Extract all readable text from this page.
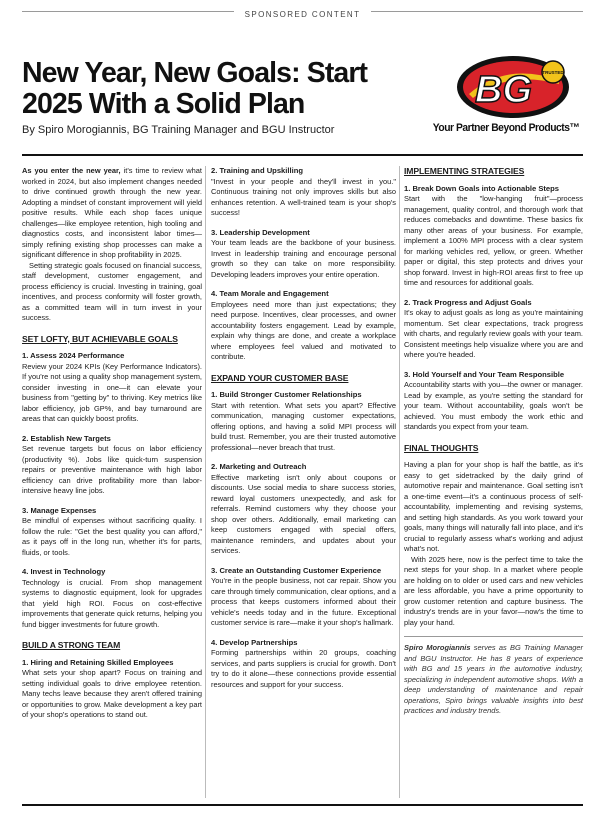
SPONSORED CONTENT
New Year, New Goals: Start 2025 With a Solid Plan
By Spiro Morogiannis, BG Training Manager and BGU Instructor
BG TRUSTED
Your Partner Beyond Products™

As you enter the new year, it's time to review what worked in 2024, but also implement changes needed to drive continued growth through the new year. Adopting a mindset of constant improvement will yield positive results. While each shop faces unique challenges—like employee retention, high tooling and diagnostics costs, and inconsistent labor times—simply refining existing shop processes can make a significant difference in shop profitability in 2025.

Setting strategic goals focused on financial success, staff development, customer engagement, and process efficiency is crucial. Investing in training, goal incentives, and process conformity will foster growth, as a committed team will in turn invest in your success.

SET LOFTY, BUT ACHIEVABLE GOALS
1. Assess 2024 Performance

Review your 2024 KPIs (Key Performance Indicators). If you're not using a quality shop management system, consider investing in one—it can elevate your business from "getting by" to thriving. Key metrics like labor efficiency, job GP%, and bay turnaround are areas that can quickly boost profits.

2. Establish New Targets

Set revenue targets but focus on labor efficiency (productivity %). Jobs like quick-turn suspension repairs or preventive maintenance with high labor efficiency can drive profitability more than labor-intensive heavy line jobs.

3. Manage Expenses

Be mindful of expenses without sacrificing quality. I follow the rule: "Get the best quality you can afford," as it pays off in the long run, whether it's for parts, fluids, or tools.

4. Invest in Technology

Technology is crucial. From shop management systems to diagnostic equipment, look for upgrades that yield high ROI. Focus on cost-effective improvements that generate quick returns, helping you fund bigger investments for future growth.

BUILD A STRONG TEAM
1. Hiring and Retaining Skilled Employees

What sets your shop apart? Focus on training and setting individual goals to drive employee retention. Many techs leave because they aren't offered training or opportunities to grow. Make development a key part of your shop's operations to stand out.

2. Training and Upskilling

"Invest in your people and they'll invest in you." Continuous training not only improves skills but also enhances retention. A well-trained team is your shop's success!

3. Leadership Development

Your team leads are the backbone of your business. Invest in leadership training and encourage personal growth so they can take on more responsibility. Developing leaders improves your entire operation.

4. Team Morale and Engagement

Employees need more than just expectations; they need purpose. Incentives, clear processes, and owner accountability fosters engagement. Lead by example, explain why things are done, and create a workplace where employees feel valued and motivated to contribute.

EXPAND YOUR CUSTOMER BASE
1. Build Stronger Customer Relationships

Start with retention. What sets you apart? Effective communication, managing customer expectations, offering options, and having a solid MPI process will build trust. Remember, you are their trusted automotive professional—never breach that trust.

2. Marketing and Outreach

Effective marketing isn't only about coupons or discounts. Use social media to share success stories, reward loyal customers unexpectedly, and ask for referrals. Remind customers why they choose your shop over others. Additionally, email marketing can keep customers engaged with special offers, maintenance reminders, and updates about your services.

3. Create an Outstanding Customer Experience

You're in the people business, not car repair. Show you care through timely communication, clear options, and a process that keeps customers informed about their vehicle's needs today and in the future. Exceptional customer service is rare—make it your shop's hallmark.

4. Develop Partnerships

Forming partnerships within 20 groups, coaching services, and parts suppliers is crucial for growth. Don't try to do it alone—these connections provide essential resources and support for your success.

IMPLEMENTING STRATEGIES
1. Break Down Goals into Actionable Steps

Start with the "low-hanging fruit"—process management, quality control, and thorough work that reduces comebacks and downtime. These basics fix many other areas of your business. For example, implement a 100% MPI process with a clear system for marking vehicles red, yellow, or green. Whether paper or digital, this step protects and drives your shop forward. Invest in high-ROI areas first to free up time and resources for additional goals.

2. Track Progress and Adjust Goals

It's okay to adjust goals as long as you're maintaining momentum. Set clear expectations, track progress with charts, and regularly review goals with your team. Consistent meetings help visualize where you are and where you're headed.

3. Hold Yourself and Your Team Responsible

Accountability starts with you—the owner or manager. Lead by example, as you're setting the standard for your team. Without accountability, goals won't be achieved. You must embody the work ethic and standards you expect from your team.

FINAL THOUGHTS

Having a plan for your shop is half the battle, as it's easy to get sidetracked by the daily grind of automotive repair and maintenance. Goal setting isn't a one-time event—it's a continuous process of self-accountability, implementing and revising systems, and setting high standards. As you work toward your goals, many things will naturally fall into place, and it's crucial to regularly assess what's working and adjust what's not.

With 2025 here, now is the perfect time to take the next steps for your shop. In a market where people are holding on to older or used cars and new vehicles are less affordable, you have a prime opportunity to grow customer retention and capture business. The industry's trends are in your favor—now's the time to play your hand.

Spiro Morogiannis serves as BG Training Manager and BGU Instructor. He has 8 years of experience with BG and 15 years in the automotive industry, specializing in independent automotive shops. With a deep understanding of maintenance and repair operations, Spiro brings valuable insights into best practices and industry trends.
